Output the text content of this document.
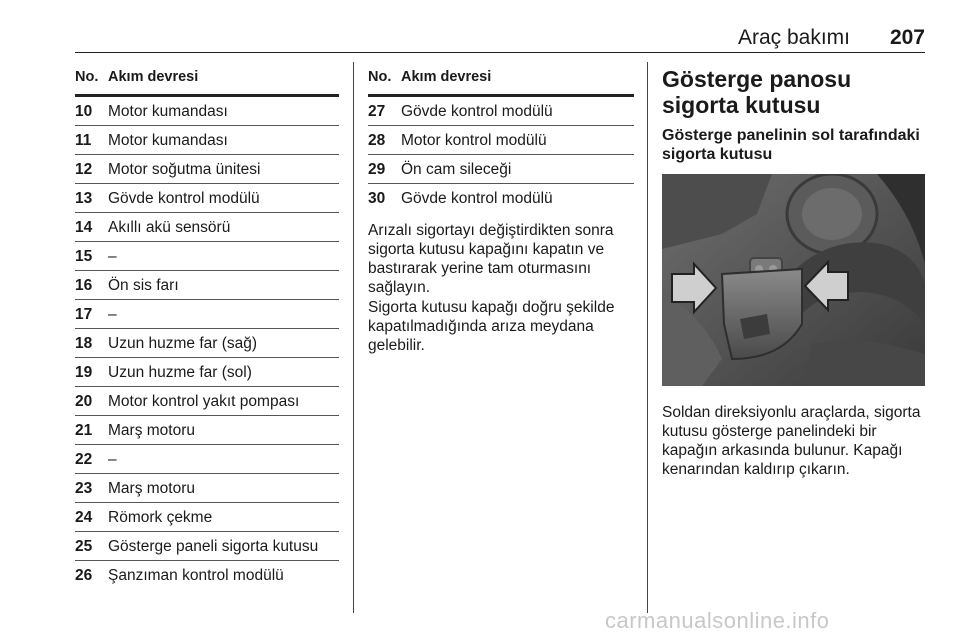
Araç bakımı 207
No. Akım devresi
10 Motor kumandası
11 Motor kumandası
12 Motor soğutma ünitesi
13 Gövde kontrol modülü
14 Akıllı akü sensörü
15 –
16 Ön sis farı
17 –
18 Uzun huzme far (sağ)
19 Uzun huzme far (sol)
20 Motor kontrol yakıt pompası
21 Marş motoru
22 –
23 Marş motoru
24 Römork çekme
25 Gösterge paneli sigorta kutusu
26 Şanzıman kontrol modülü
No. Akım devresi
27 Gövde kontrol modülü
28 Motor kontrol modülü
29 Ön cam sileceği
30 Gövde kontrol modülü
Arızalı sigortayı değiştirdikten sonra sigorta kutusu kapağını kapatın ve bastırarak yerine tam oturmasını sağlayın.
Sigorta kutusu kapağı doğru şekilde kapatılmadığında arıza meydana gelebilir.
Gösterge panosu sigorta kutusu
Gösterge panelinin sol tarafındaki sigorta kutusu
Soldan direksiyonlu araçlarda, sigorta kutusu gösterge panelindeki bir kapağın arkasında bulunur. Kapağı kenarından kaldırıp çıkarın.
carmanualsonline.info
